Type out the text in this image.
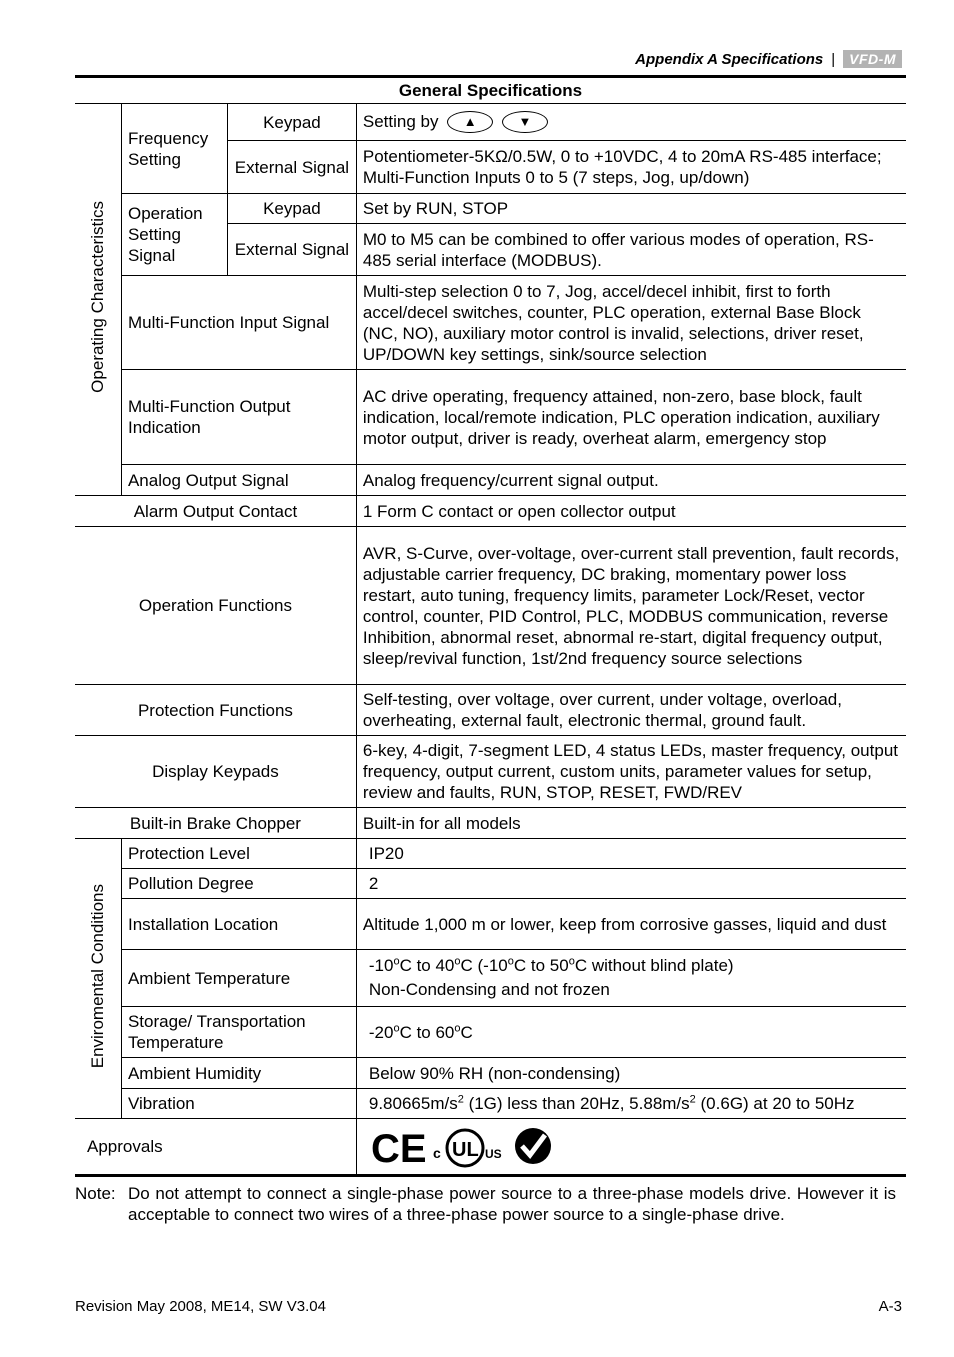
Appendix A Specifications |	VFD-M
General Specifications			
Operating Characteristics	Frequency Setting	Keypad	Setting by ▲ ▼
		External Signal	Potentiometer-5KΩ/0.5W, 0 to +10VDC, 4 to 20mA RS-485 interface; Multi-Function Inputs 0 to 5 (7 steps, Jog, up/down)
	Operation Setting Signal	Keypad	Set by RUN, STOP
		External Signal	M0 to M5 can be combined to offer various modes of operation, RS-485 serial interface (MODBUS).
	Multi-Function Input Signal		Multi-step selection 0 to 7, Jog, accel/decel inhibit, first to forth accel/decel switches, counter, PLC operation, external Base Block (NC, NO), auxiliary motor control is invalid, selections, driver reset, UP/DOWN key settings, sink/source selection
	Multi-Function Output Indication		AC drive operating, frequency attained, non-zero, base block, fault indication, local/remote indication, PLC operation indication, auxiliary motor output, driver is ready, overheat alarm, emergency stop
	Analog Output Signal		Analog frequency/current signal output.
Alarm Output Contact			1 Form C contact or open collector output
Operation Functions			AVR, S-Curve, over-voltage, over-current stall prevention, fault records, adjustable carrier frequency, DC braking, momentary power loss restart, auto tuning, frequency limits, parameter Lock/Reset, vector control, counter, PID Control, PLC, MODBUS communication, reverse Inhibition, abnormal reset, abnormal re-start, digital frequency output, sleep/revival function, 1st/2nd frequency source selections
Protection Functions			Self-testing, over voltage, over current, under voltage, overload, overheating, external fault, electronic thermal, ground fault.
Display Keypads			6-key, 4-digit, 7-segment LED, 4 status LEDs, master frequency, output frequency, output current, custom units, parameter values for setup, review and faults, RUN, STOP, RESET, FWD/REV
Built-in Brake Chopper			Built-in for all models
Enviromental Conditions	Protection Level		IP20
	Pollution Degree		2
	Installation Location		Altitude 1,000 m or lower, keep from corrosive gasses, liquid and dust
	Ambient Temperature		-10$^o$C to 40$^o$C (-10$^o$C to 50$^o$C without blind plate)
Non-Condensing and not frozen
	Storage/ Transportation Temperature		-20$^o$C to 60$^o$C
	Ambient Humidity		Below 90% RH (non-condensing)
	Vibration		$9.80665m/s^2$ (1G) less than 20Hz, $5.88m/s^2$ (0.6G) at 20 to 50Hz
Approvals			CE c UL US
Note: Do not attempt to connect a single-phase power source to a three-phase models drive. However it is acceptable to connect two wires of a three-phase power source to a single-phase drive.
Revision May 2008, ME14, SW V3.04	A-3
